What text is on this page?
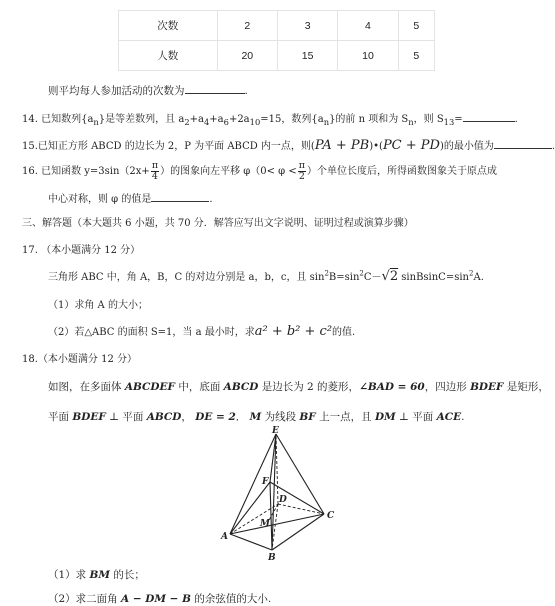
次数	2	3	4	5
人数	20	15	10	5
则平均每人参加活动的次数为	.
14. 已知数列$\{a_n\}$是等差数列，且 $a_2+a_4+a_6+2a_{10}=15$，数列$\{a_n\}$的前 n 项和为 $S_n$，则 $S_{13}=$	.
15.已知正方形 ABCD 的边长为 2，P 为平面 ABCD 内一点，则(PA + PB)•(PC + PD)的最小值为	.
16. 已知函数 $y=3\sin(2x+ \frac{\pi}{4}$ ）的图象向左平移 $\varphi(0< \varphi < \frac{\pi}{2}$ ）个单位长度后，所得函数图象关于原点成
中心对称，则 φ 的值是	.
三、解答题（本大题共 6 小题，共 70 分．解答应写出文字说明、证明过程或演算步骤）
17. （本小题满分 12 分）
三角形 ABC 中，角 A，B，C 的对边分别是 a，b，c，且 $\sin^2B=\sin^2C-√2$ $sinBsinC=\sin^2A$.
（1）求角 A 的大小；
（2）若△ABC 的面积 S=1，当 a 最小时，求a² + b² + c²的值.
18.（本小题满分 12 分）
如图，在多面体 ABCDEF 中，底面 ABCD 是边长为 2 的菱形，∠BAD = 60，四边形 BDEF 是矩形，
平面 BDEF ⊥ 平面 ABCD， DE = 2． M 为线段 BF 上一点，且 DM ⊥ 平面 ACE.
E
F
D
M
A
B
C
（1）求 BM 的长；
（2）求二面角 A − DM − B 的余弦值的大小.
